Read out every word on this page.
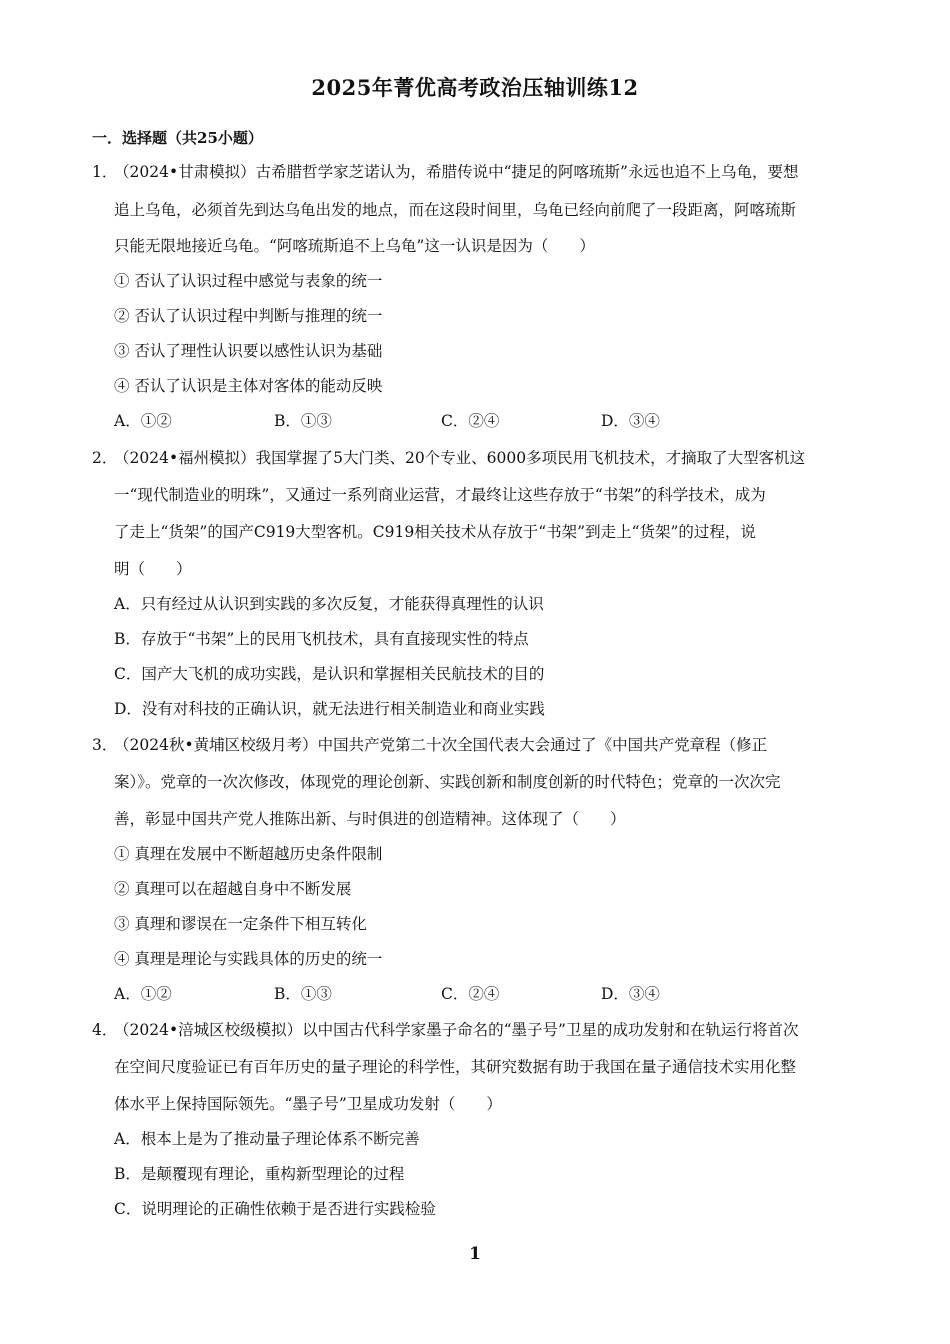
2025年菁优高考政治压轴训练12
一．选择题（共25小题）
1．
（2024•甘肃模拟）古希腊哲学家芝诺认为，希腊传说中“捷足的阿喀琉斯”永远也追不上乌龟，要想
追上乌龟，必须首先到达乌龟出发的地点，而在这段时间里，乌龟已经向前爬了一段距离，阿喀琉斯
只能无限地接近乌龟。“阿喀琉斯追不上乌龟”这一认识是因为（　　）
① 否认了认识过程中感觉与表象的统一
② 否认了认识过程中判断与推理的统一
③ 否认了理性认识要以感性认识为基础
④ 否认了认识是主体对客体的能动反映
A．①②	B．①③	C．②④	D．③④
2．
（2024•福州模拟）我国掌握了5大门类、20个专业、6000多项民用飞机技术，才摘取了大型客机这
一“现代制造业的明珠”，又通过一系列商业运营，才最终让这些存放于“书架”的科学技术，成为
了走上“货架”的国产C919大型客机。C919相关技术从存放于“书架”到走上“货架”的过程，说
明（　　）
A．只有经过从认识到实践的多次反复，才能获得真理性的认识
B．存放于“书架”上的民用飞机技术，具有直接现实性的特点
C．国产大飞机的成功实践，是认识和掌握相关民航技术的目的
D．没有对科技的正确认识，就无法进行相关制造业和商业实践
3．
（2024秋•黄埔区校级月考）中国共产党第二十次全国代表大会通过了《中国共产党章程（修正
案）》。党章的一次次修改，体现党的理论创新、实践创新和制度创新的时代特色；党章的一次次完
善，彰显中国共产党人推陈出新、与时俱进的创造精神。这体现了（　　）
① 真理在发展中不断超越历史条件限制
② 真理可以在超越自身中不断发展
③ 真理和谬误在一定条件下相互转化
④ 真理是理论与实践具体的历史的统一
A．①②	B．①③	C．②④	D．③④
4．
（2024•涪城区校级模拟）以中国古代科学家墨子命名的“墨子号”卫星的成功发射和在轨运行将首次
在空间尺度验证已有百年历史的量子理论的科学性，其研究数据有助于我国在量子通信技术实用化整
体水平上保持国际领先。“墨子号”卫星成功发射（　　）
A．根本上是为了推动量子理论体系不断完善
B．是颠覆现有理论，重构新型理论的过程
C．说明理论的正确性依赖于是否进行实践检验
1
